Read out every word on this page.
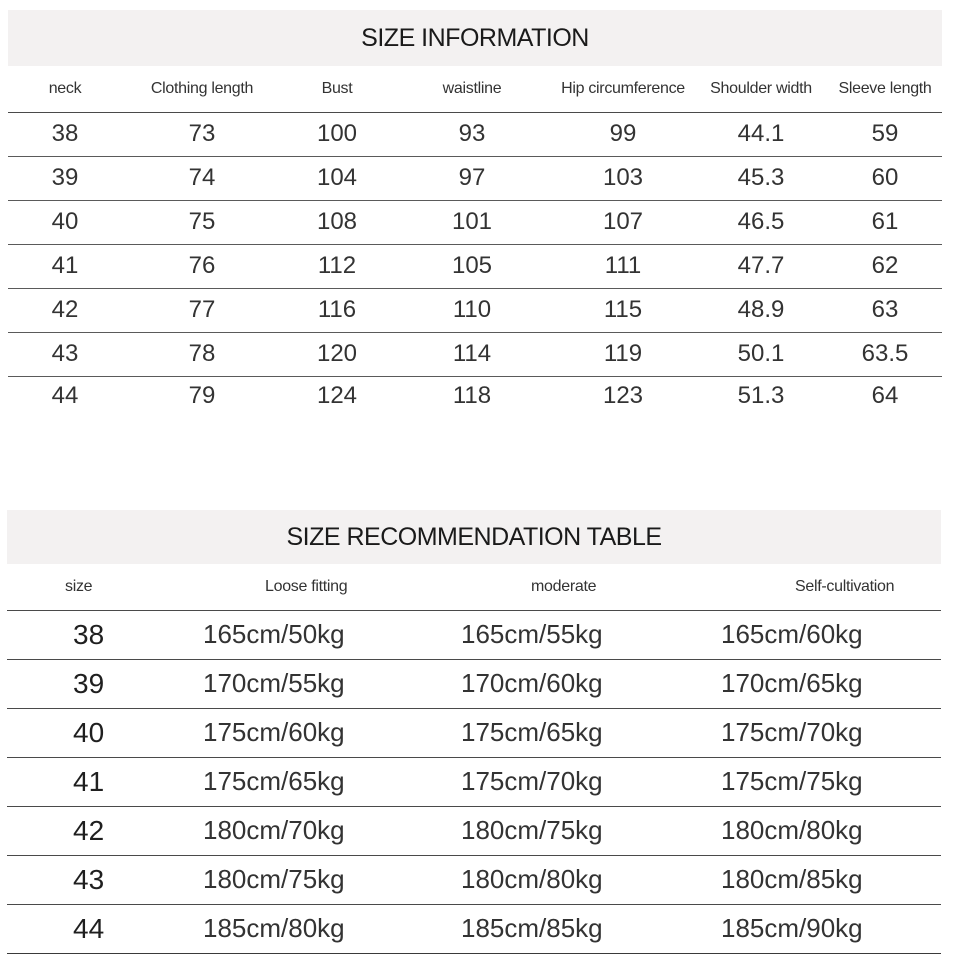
SIZE INFORMATION
neck	Clothing length	Bust	waistline	Hip circumference	Shoulder width	Sleeve length
38	73	100	93	99	44.1	59
39	74	104	97	103	45.3	60
40	75	108	101	107	46.5	61
41	76	112	105	111	47.7	62
42	77	116	110	115	48.9	63
43	78	120	114	119	50.1	63.5
44	79	124	118	123	51.3	64
SIZE RECOMMENDATION TABLE
size	Loose fitting	moderate	Self-cultivation
38	165cm/50kg	165cm/55kg	165cm/60kg
39	170cm/55kg	170cm/60kg	170cm/65kg
40	175cm/60kg	175cm/65kg	175cm/70kg
41	175cm/65kg	175cm/70kg	175cm/75kg
42	180cm/70kg	180cm/75kg	180cm/80kg
43	180cm/75kg	180cm/80kg	180cm/85kg
44	185cm/80kg	185cm/85kg	185cm/90kg
